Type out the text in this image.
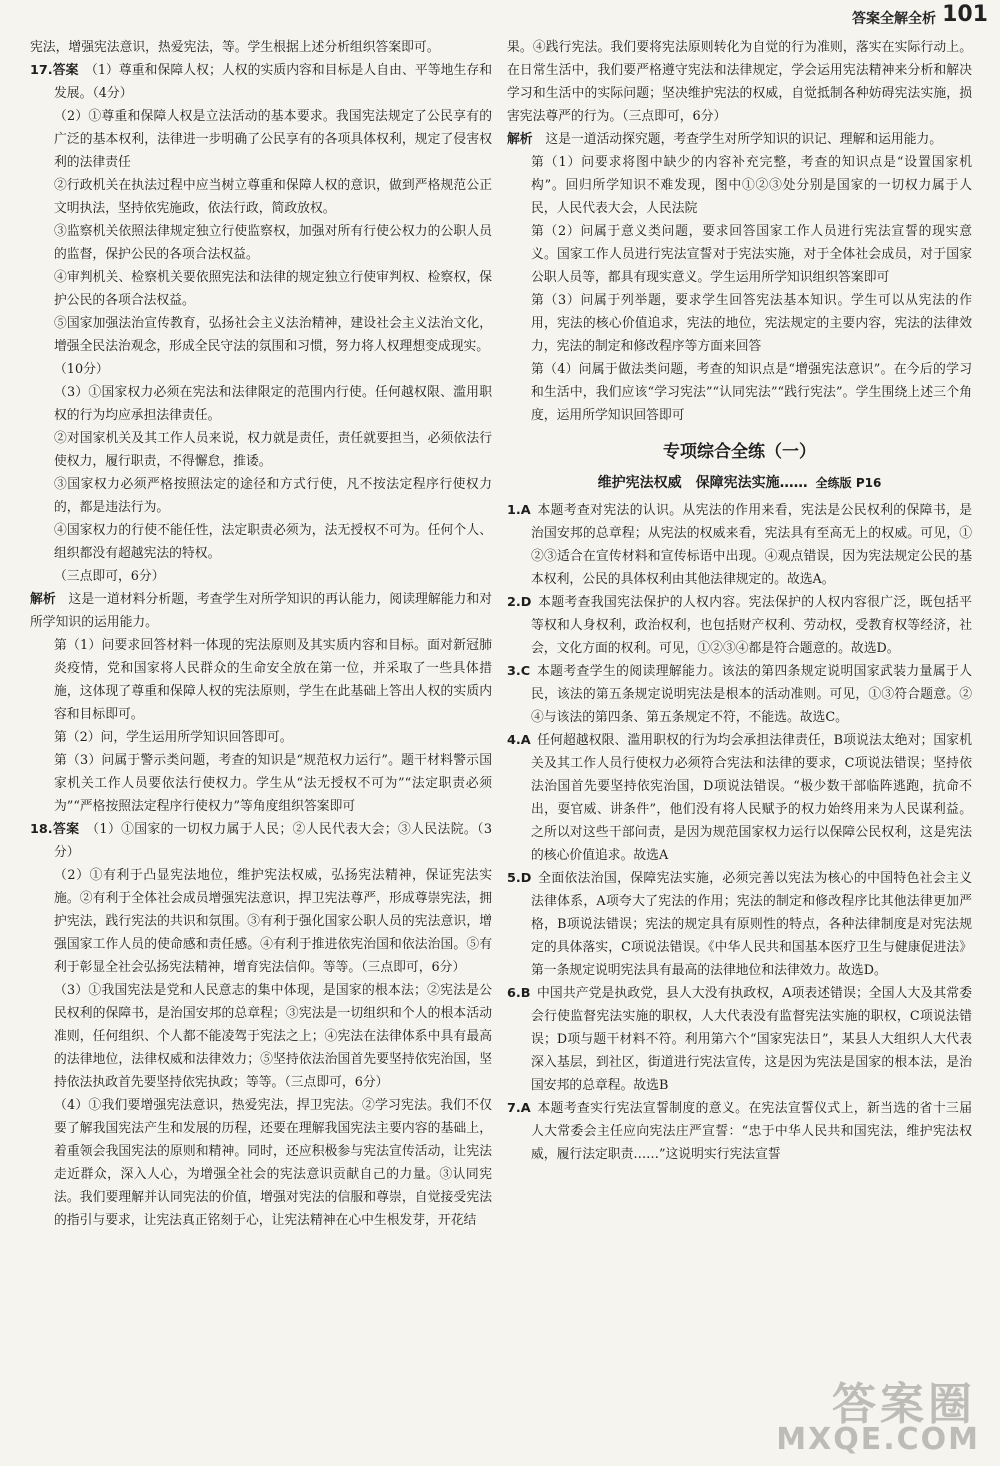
答案全解全析 101

宪法，增强宪法意识，热爱宪法，等。学生根据上述分析组织答案即可。

17.答案　（1）尊重和保障人权；人权的实质内容和目标是人自由、平等地生存和发展。（4分）

（2）①尊重和保障人权是立法活动的基本要求。我国宪法规定了公民享有的广泛的基本权利，法律进一步明确了公民享有的各项具体权利，规定了侵害权利的法律责任

②行政机关在执法过程中应当树立尊重和保障人权的意识，做到严格规范公正文明执法，坚持依宪施政，依法行政，简政放权。

③监察机关依照法律规定独立行使监察权，加强对所有行使公权力的公职人员的监督，保护公民的各项合法权益。

④审判机关、检察机关要依照宪法和法律的规定独立行使审判权、检察权，保护公民的各项合法权益。

⑤国家加强法治宣传教育，弘扬社会主义法治精神，建设社会主义法治文化，增强全民法治观念，形成全民守法的氛围和习惯，努力将人权理想变成现实。

（10分）

（3）①国家权力必须在宪法和法律限定的范围内行使。任何越权限、滥用职权的行为均应承担法律责任。

②对国家机关及其工作人员来说，权力就是责任，责任就要担当，必须依法行使权力，履行职责，不得懈怠，推诿。

③国家权力必须严格按照法定的途径和方式行使，凡不按法定程序行使权力的，都是违法行为。

④国家权力的行使不能任性，法定职责必须为，法无授权不可为。任何个人、组织都没有超越宪法的特权。

（三点即可，6分）

解析　这是一道材料分析题，考查学生对所学知识的再认能力，阅读理解能力和对所学知识的运用能力。

第（1）问要求回答材料一体现的宪法原则及其实质内容和目标。面对新冠肺炎疫情，党和国家将人民群众的生命安全放在第一位，并采取了一些具体措施，这体现了尊重和保障人权的宪法原则，学生在此基础上答出人权的实质内容和目标即可。

第（2）问，学生运用所学知识回答即可。

第（3）问属于警示类问题，考查的知识是“规范权力运行”。题干材料警示国家机关工作人员要依法行使权力。学生从“法无授权不可为”“法定职责必须为”“严格按照法定程序行使权力”等角度组织答案即可

18.答案　（1）①国家的一切权力属于人民；②人民代表大会；③人民法院。（3分）

（2）①有利于凸显宪法地位，维护宪法权威，弘扬宪法精神，保证宪法实施。②有利于全体社会成员增强宪法意识，捍卫宪法尊严，形成尊崇宪法，拥护宪法，践行宪法的共识和氛围。③有利于强化国家公职人员的宪法意识，增强国家工作人员的使命感和责任感。④有利于推进依宪治国和依法治国。⑤有利于彰显全社会弘扬宪法精神，增育宪法信仰。等等。（三点即可，6分）

（3）①我国宪法是党和人民意志的集中体现，是国家的根本法；②宪法是公民权利的保障书，是治国安邦的总章程；③宪法是一切组织和个人的根本活动准则，任何组织、个人都不能凌驾于宪法之上；④宪法在法律体系中具有最高的法律地位，法律权威和法律效力；⑤坚持依法治国首先要坚持依宪治国，坚持依法执政首先要坚持依宪执政；等等。（三点即可，6分）

（4）①我们要增强宪法意识，热爱宪法，捍卫宪法。②学习宪法。我们不仅要了解我国宪法产生和发展的历程，还要在理解我国宪法主要内容的基础上，着重领会我国宪法的原则和精神。同时，还应积极参与宪法宣传活动，让宪法走近群众，深入人心，为增强全社会的宪法意识贡献自己的力量。③认同宪法。我们要理解并认同宪法的价值，增强对宪法的信服和尊崇，自觉接受宪法的指引与要求，让宪法真正铭刻于心，让宪法精神在心中生根发芽，开花结

果。④践行宪法。我们要将宪法原则转化为自觉的行为准则，落实在实际行动上。在日常生活中，我们要严格遵守宪法和法律规定，学会运用宪法精神来分析和解决学习和生活中的实际问题；坚决维护宪法的权威，自觉抵制各种妨碍宪法实施，损害宪法尊严的行为。（三点即可，6分）

解析　这是一道活动探究题，考查学生对所学知识的识记、理解和运用能力。

第（1）问要求将图中缺少的内容补充完整，考查的知识点是“设置国家机构”。回归所学知识不难发现，图中①②③处分别是国家的一切权力属于人民，人民代表大会，人民法院

第（2）问属于意义类问题，要求回答国家工作人员进行宪法宣誓的现实意义。国家工作人员进行宪法宣誓对于宪法实施，对于全体社会成员，对于国家公职人员等，都具有现实意义。学生运用所学知识组织答案即可

第（3）问属于列举题，要求学生回答宪法基本知识。学生可以从宪法的作用，宪法的核心价值追求，宪法的地位，宪法规定的主要内容，宪法的法律效力，宪法的制定和修改程序等方面来回答

第（4）问属于做法类问题，考查的知识点是“增强宪法意识”。在今后的学习和生活中，我们应该“学习宪法”“认同宪法”“践行宪法”。学生围绕上述三个角度，运用所学知识回答即可

专项综合全练（一）
维护宪法权威　保障宪法实施…… 全练版 P16

1.A 本题考查对宪法的认识。从宪法的作用来看，宪法是公民权利的保障书，是治国安邦的总章程；从宪法的权威来看，宪法具有至高无上的权威。可见，①②③适合在宣传材料和宣传标语中出现。④观点错误，因为宪法规定公民的基本权利，公民的具体权利由其他法律规定的。故选A。

2.D 本题考查我国宪法保护的人权内容。宪法保护的人权内容很广泛，既包括平等权和人身权利，政治权利，也包括财产权利、劳动权，受教育权等经济，社会，文化方面的权利。可见，①②③④都是符合题意的。故选D。

3.C 本题考查学生的阅读理解能力。该法的第四条规定说明国家武装力量属于人民，该法的第五条规定说明宪法是根本的活动准则。可见，①③符合题意。②④与该法的第四条、第五条规定不符，不能选。故选C。

4.A 任何超越权限、滥用职权的行为均会承担法律责任，B项说法太绝对；国家机关及其工作人员行使权力必须符合宪法和法律的要求，C项说法错误；坚持依法治国首先要坚持依宪治国，D项说法错误。“极少数干部临阵逃跑，抗命不出，耍官威、讲条件”，他们没有将人民赋予的权力始终用来为人民谋利益。之所以对这些干部问责，是因为规范国家权力运行以保障公民权利，这是宪法的核心价值追求。故选A

5.D 全面依法治国，保障宪法实施，必须完善以宪法为核心的中国特色社会主义法律体系，A项夸大了宪法的作用；宪法的制定和修改程序比其他法律更加严格，B项说法错误；宪法的规定具有原则性的特点，各种法律制度是对宪法规定的具体落实，C项说法错误。《中华人民共和国基本医疗卫生与健康促进法》第一条规定说明宪法具有最高的法律地位和法律效力。故选D。

6.B 中国共产党是执政党，县人大没有执政权，A项表述错误；全国人大及其常委会行使监督宪法实施的职权，人大代表没有监督宪法实施的职权，C项说法错误；D项与题干材料不符。利用第六个“国家宪法日”，某县人大组织人大代表深入基层，到社区，街道进行宪法宣传，这是因为宪法是国家的根本法，是治国安邦的总章程。故选B

7.A 本题考查实行宪法宣誓制度的意义。在宪法宣誓仪式上，新当选的省十三届人大常委会主任应向宪法庄严宣誓：“忠于中华人民共和国宪法，维护宪法权威，履行法定职责……”这说明实行宪法宣誓

答案圈
MXQE.COM
